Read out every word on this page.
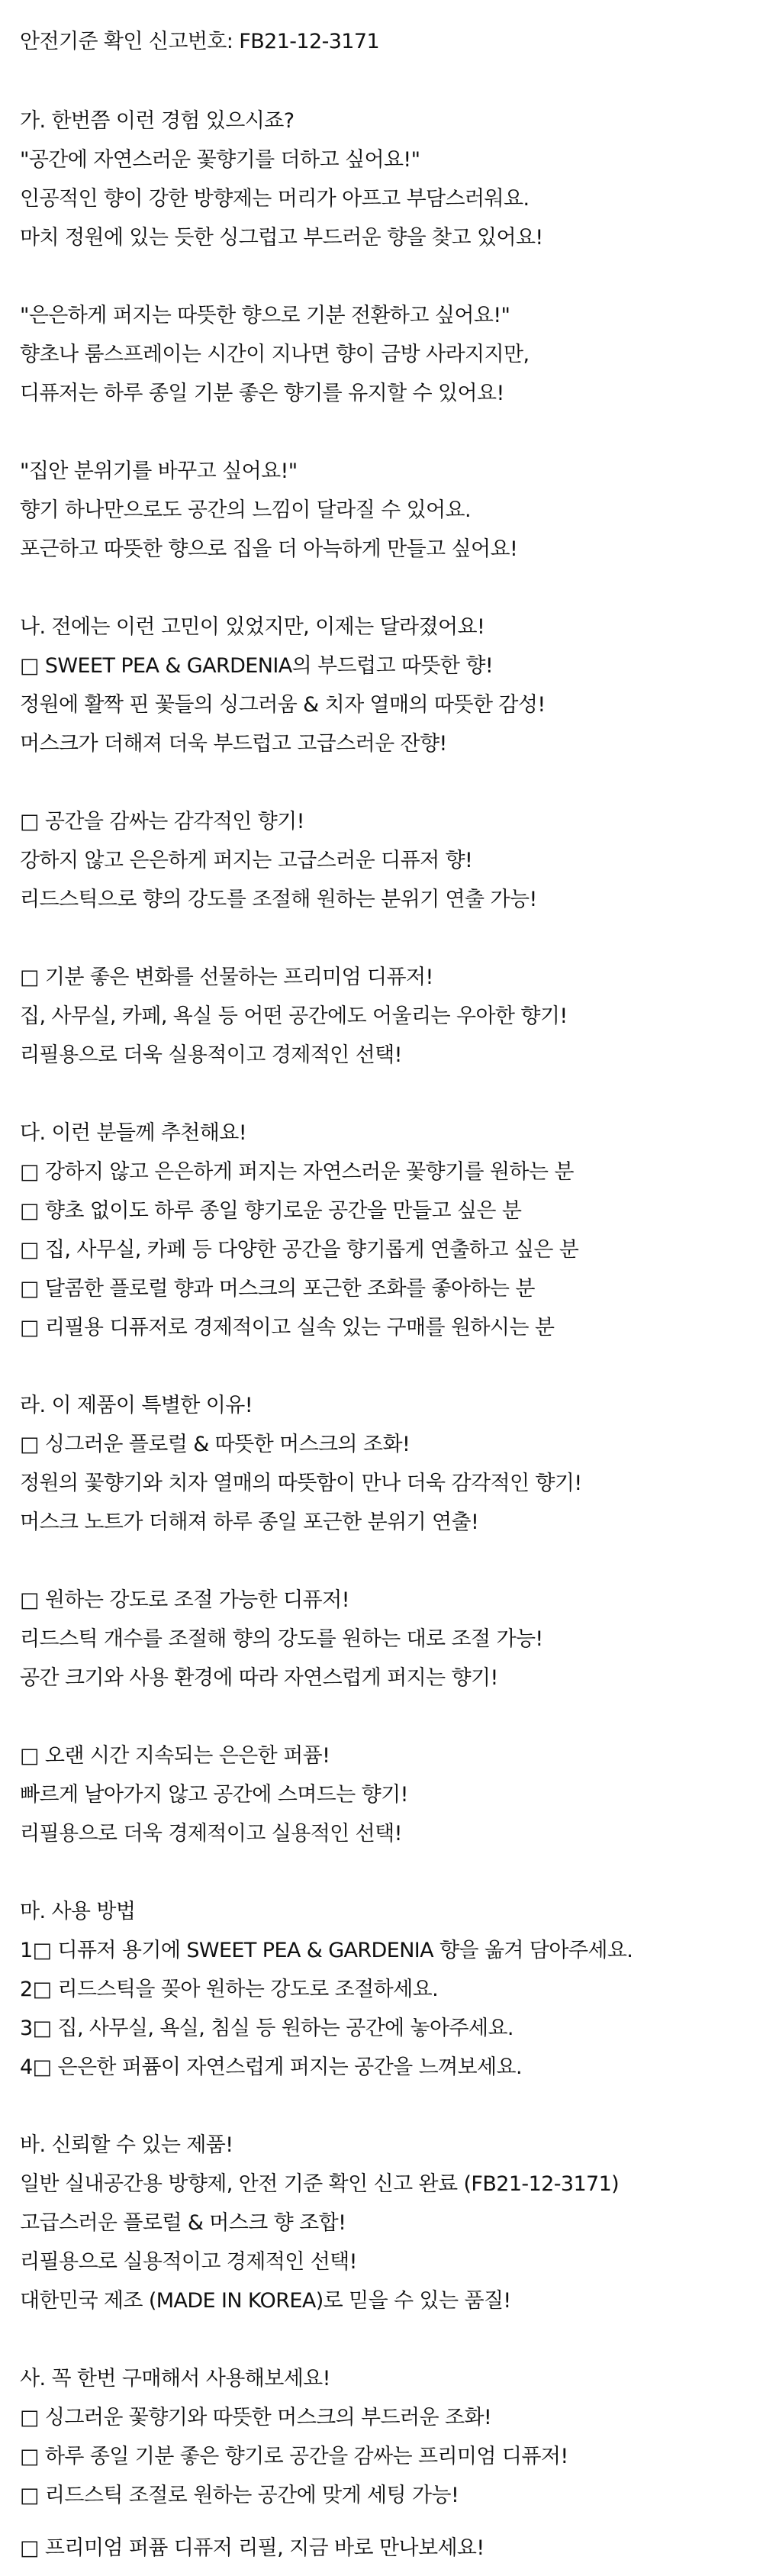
안전기준 확인 신고번호: FB21-12-3171
가. 한번쯤 이런 경험 있으시죠?
"공간에 자연스러운 꽃향기를 더하고 싶어요!"
인공적인 향이 강한 방향제는 머리가 아프고 부담스러워요.
마치 정원에 있는 듯한 싱그럽고 부드러운 향을 찾고 있어요!
"은은하게 퍼지는 따뜻한 향으로 기분 전환하고 싶어요!"
향초나 룸스프레이는 시간이 지나면 향이 금방 사라지지만,
디퓨저는 하루 종일 기분 좋은 향기를 유지할 수 있어요!
"집안 분위기를 바꾸고 싶어요!"
향기 하나만으로도 공간의 느낌이 달라질 수 있어요.
포근하고 따뜻한 향으로 집을 더 아늑하게 만들고 싶어요!
나. 전에는 이런 고민이 있었지만, 이제는 달라졌어요!
□ SWEET PEA & GARDENIA의 부드럽고 따뜻한 향!
정원에 활짝 핀 꽃들의 싱그러움 & 치자 열매의 따뜻한 감성!
머스크가 더해져 더욱 부드럽고 고급스러운 잔향!
□ 공간을 감싸는 감각적인 향기!
강하지 않고 은은하게 퍼지는 고급스러운 디퓨저 향!
리드스틱으로 향의 강도를 조절해 원하는 분위기 연출 가능!
□ 기분 좋은 변화를 선물하는 프리미엄 디퓨저!
집, 사무실, 카페, 욕실 등 어떤 공간에도 어울리는 우아한 향기!
리필용으로 더욱 실용적이고 경제적인 선택!
다. 이런 분들께 추천해요!
□ 강하지 않고 은은하게 퍼지는 자연스러운 꽃향기를 원하는 분
□ 향초 없이도 하루 종일 향기로운 공간을 만들고 싶은 분
□ 집, 사무실, 카페 등 다양한 공간을 향기롭게 연출하고 싶은 분
□ 달콤한 플로럴 향과 머스크의 포근한 조화를 좋아하는 분
□ 리필용 디퓨저로 경제적이고 실속 있는 구매를 원하시는 분
라. 이 제품이 특별한 이유!
□ 싱그러운 플로럴 & 따뜻한 머스크의 조화!
정원의 꽃향기와 치자 열매의 따뜻함이 만나 더욱 감각적인 향기!
머스크 노트가 더해져 하루 종일 포근한 분위기 연출!
□ 원하는 강도로 조절 가능한 디퓨저!
리드스틱 개수를 조절해 향의 강도를 원하는 대로 조절 가능!
공간 크기와 사용 환경에 따라 자연스럽게 퍼지는 향기!
□ 오랜 시간 지속되는 은은한 퍼퓸!
빠르게 날아가지 않고 공간에 스며드는 향기!
리필용으로 더욱 경제적이고 실용적인 선택!
마. 사용 방법
1□ 디퓨저 용기에 SWEET PEA & GARDENIA 향을 옮겨 담아주세요.
2□ 리드스틱을 꽂아 원하는 강도로 조절하세요.
3□ 집, 사무실, 욕실, 침실 등 원하는 공간에 놓아주세요.
4□ 은은한 퍼퓸이 자연스럽게 퍼지는 공간을 느껴보세요.
바. 신뢰할 수 있는 제품!
일반 실내공간용 방향제, 안전 기준 확인 신고 완료 (FB21-12-3171)
고급스러운 플로럴 & 머스크 향 조합!
리필용으로 실용적이고 경제적인 선택!
대한민국 제조 (MADE IN KOREA)로 믿을 수 있는 품질!
사. 꼭 한번 구매해서 사용해보세요!
□ 싱그러운 꽃향기와 따뜻한 머스크의 부드러운 조화!
□ 하루 종일 기분 좋은 향기로 공간을 감싸는 프리미엄 디퓨저!
□ 리드스틱 조절로 원하는 공간에 맞게 세팅 가능!
□ 프리미엄 퍼퓸 디퓨저 리필, 지금 바로 만나보세요!
